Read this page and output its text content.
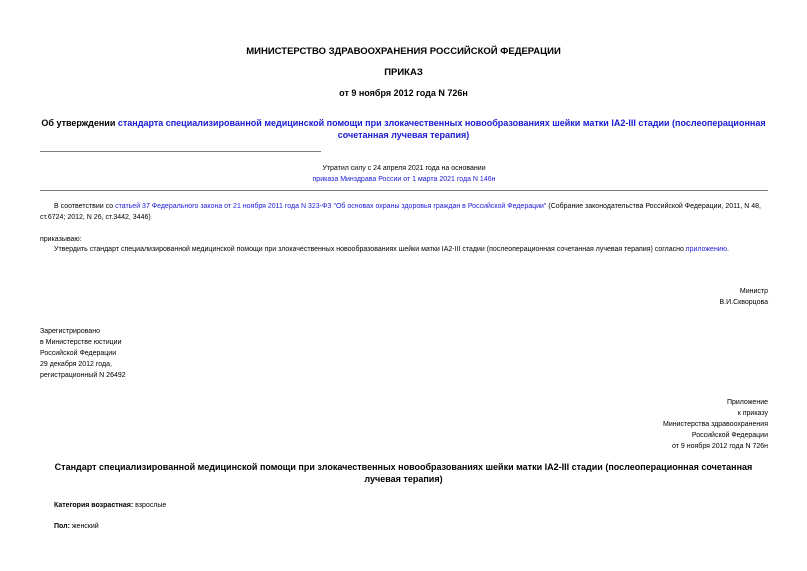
МИНИСТЕРСТВО ЗДРАВООХРАНЕНИЯ РОССИЙСКОЙ ФЕДЕРАЦИИ
ПРИКАЗ
от 9 ноября 2012 года N 726н
Об утверждении стандарта специализированной медицинской помощи при злокачественных новообразованиях шейки матки IA2-III стадии (послеоперационная сочетанная лучевая терапия)
Утратил силу с 24 апреля 2021 года на основании
приказа Минздрава России от 1 марта 2021 года N 146н
В соответствии со статьей 37 Федерального закона от 21 ноября 2011 года N 323-ФЗ "Об основах охраны здоровья граждан в Российской Федерации" (Собрание законодательства Российской Федерации, 2011, N 48, ст.6724; 2012, N 26, ст.3442, 3446)
приказываю:
Утвердить стандарт специализированной медицинской помощи при злокачественных новообразованиях шейки матки IA2-III стадии (послеоперационная сочетанная лучевая терапия) согласно приложению.
Министр
В.И.Скворцова
Зарегистрировано
в Министерстве юстиции
Российской Федерации
29 декабря 2012 года,
регистрационный N 26492
Приложение
к приказу
Министерства здравоохранения
Российской Федерации
от 9 ноября 2012 года N 726н
Стандарт специализированной медицинской помощи при злокачественных новообразованиях шейки матки IA2-III стадии (послеоперационная сочетанная лучевая терапия)
Категория возрастная: взрослые
Пол: женский
